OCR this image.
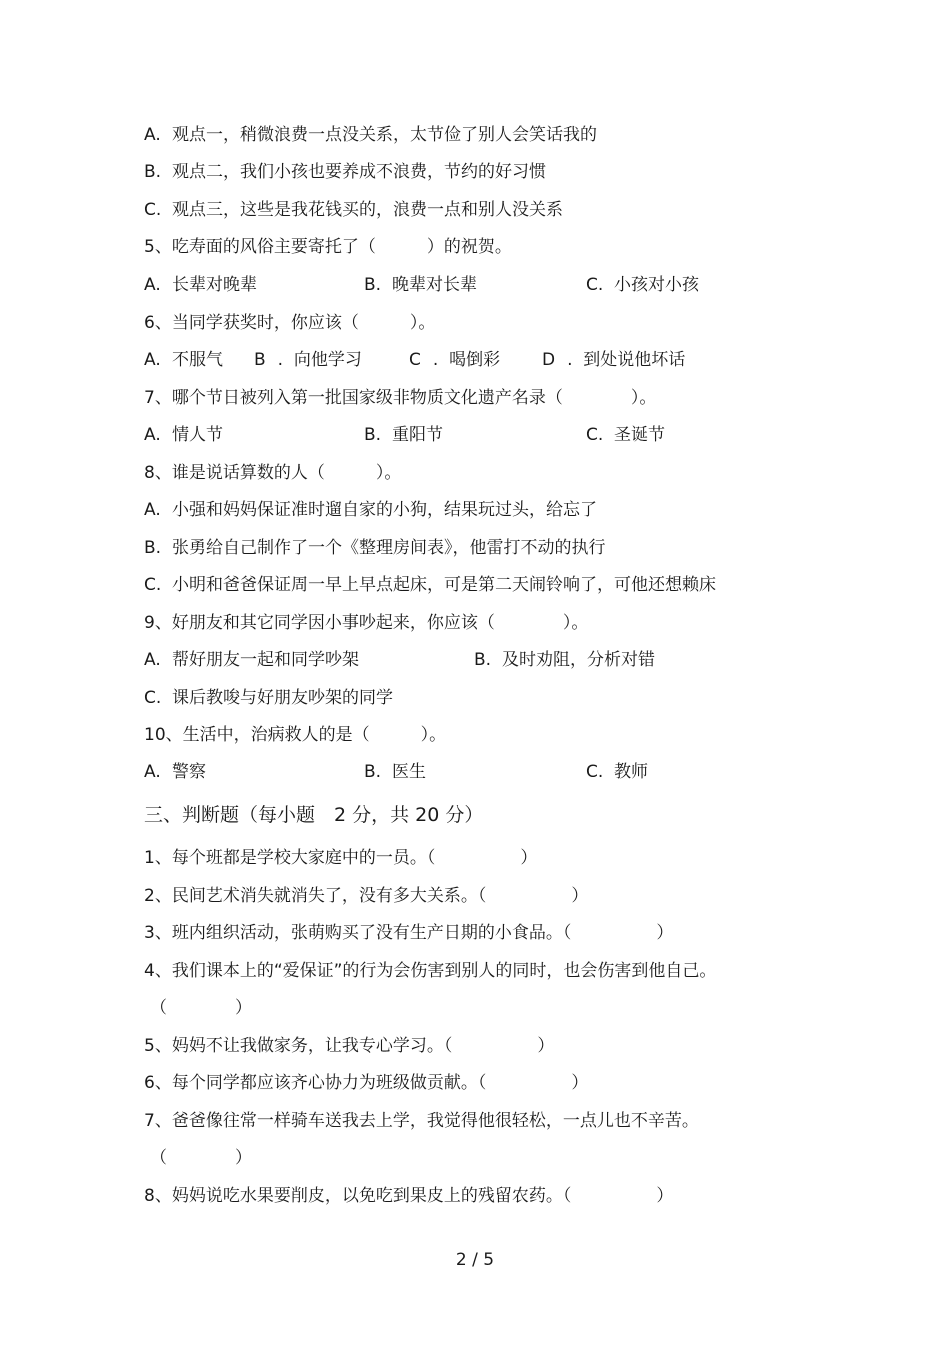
A. 观点一，稍微浪费一点没关系，太节俭了别人会笑话我的
B. 观点二，我们小孩也要养成不浪费，节约的好习惯
C. 观点三，这些是我花钱买的，浪费一点和别人没关系
5、吃寿面的风俗主要寄托了（　　　）的祝贺。

A. 长辈对晚辈

	B. 晚辈对长辈

	C. 小孩对小孩

6、当同学获奖时，你应该（　　　）。

A. 不服气

B .  向他学习

	C .  喝倒彩

D .  到处说他坏话

7、哪个节日被列入第一批国家级非物质文化遗产名录（　　　　）。

A. 情人节

	B. 重阳节

	C. 圣诞节

8、谁是说话算数的人（　　　）。
A. 小强和妈妈保证准时遛自家的小狗，结果玩过头，给忘了
B. 张勇给自己制作了一个《整理房间表》，他雷打不动的执行
C. 小明和爸爸保证周一早上早点起床，可是第二天闹铃响了，可他还想赖床
9、好朋友和其它同学因小事吵起来，你应该（　　　　）。

A. 帮好朋友一起和同学吵架

	B. 及时劝阻，分析对错

C. 课后教唆与好朋友吵架的同学
10、生活中，治病救人的是（　　　）。

A. 警察

	B. 医生

	C. 教师

三、判断题（每小题　2 分，共 20 分）
1、每个班都是学校大家庭中的一员。（　　　　　）
2、民间艺术消失就消失了，没有多大关系。（　　　　　）
3、班内组织活动，张萌购买了没有生产日期的小食品。（　　　　　）
4、我们课本上的“爱保证”的行为会伤害到别人的同时，也会伤害到他自己。
（　　　　）
5、妈妈不让我做家务，让我专心学习。（　　　　　）
6、每个同学都应该齐心协力为班级做贡献。（　　　　　）
7、爸爸像往常一样骑车送我去上学，我觉得他很轻松，一点儿也不辛苦。
（　　　　）
8、妈妈说吃水果要削皮，以免吃到果皮上的残留农药。（　　　　　）
2 / 5
